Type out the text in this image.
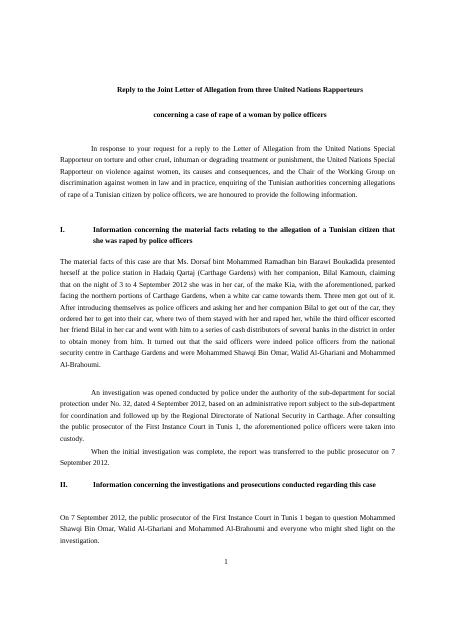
Reply to the Joint Letter of Allegation from three United Nations Rapporteurs
concerning a case of rape of a woman by police officers

In response to your request for a reply to the Letter of Allegation from the United Nations Special Rapporteur on torture and other cruel, inhuman or degrading treatment or punishment, the United Nations Special Rapporteur on violence against women, its causes and consequences, and the Chair of the Working Group on discrimination against women in law and in practice, enquiring of the Tunisian authorities concerning allegations of rape of a Tunisian citizen by police officers, we are honoured to provide the following information.

I.	Information concerning the material facts relating to the allegation of a Tunisian citizen that she was raped by police officers

The material facts of this case are that Ms. Dorsaf bint Mohammed Ramadhan bin Barawi Boukadida presented herself at the police station in Hadaiq Qartaj (Carthage Gardens) with her companion, Bilal Kamoun, claiming that on the night of 3 to 4 September 2012 she was in her car, of the make Kia, with the aforementioned, parked facing the northern portions of Carthage Gardens, when a white car came towards them. Three men got out of it. After introducing themselves as police officers and asking her and her companion Bilal to get out of the car, they ordered her to get into their car, where two of them stayed with her and raped her, while the third officer escorted her friend Bilal in her car and went with him to a series of cash distributors of several banks in the district in order to obtain money from him. It turned out that the said officers were indeed police officers from the national security centre in Carthage Gardens and were Mohammed Shawqi Bin Omar, Walid Al-Ghariani and Mohammed Al-Brahoumi.

An investigation was opened conducted by police under the authority of the sub-department for social protection under No. 32, dated 4 September 2012, based on an administrative report subject to the sub-department for coordination and followed up by the Regional Directorate of National Security in Carthage. After consulting the public prosecutor of the First Instance Court in Tunis 1, the aforementioned police officers were taken into custody.

When the initial investigation was complete, the report was transferred to the public prosecutor on 7 September 2012.

II.	Information concerning the investigations and prosecutions conducted regarding this case

On 7 September 2012, the public prosecutor of the First Instance Court in Tunis 1 began to question Mohammed Shawqi Bin Omar, Walid Al-Ghariani and Mohammed Al-Brahoumi and everyone who might shed light on the investigation.

1
